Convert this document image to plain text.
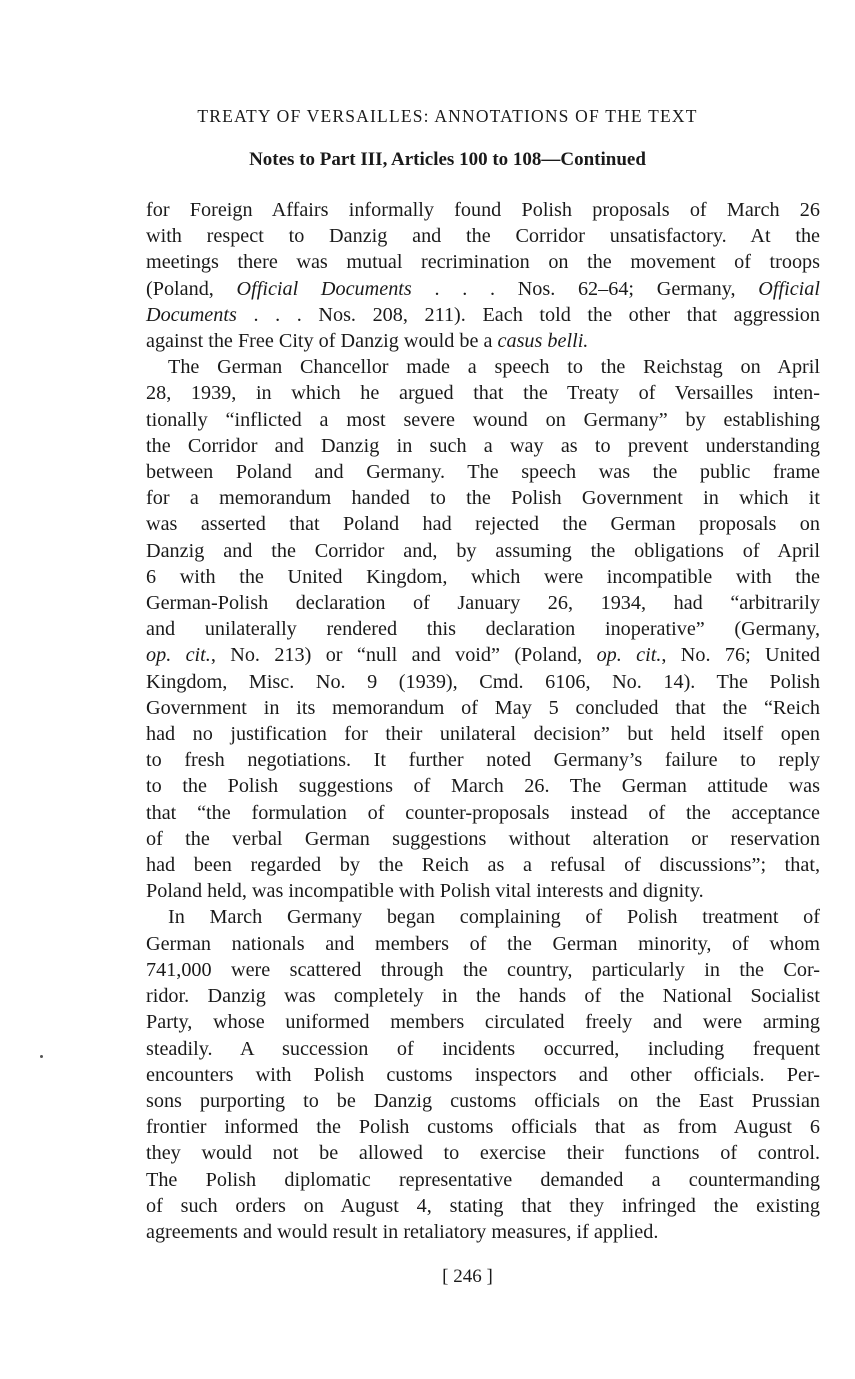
TREATY OF VERSAILLES: ANNOTATIONS OF THE TEXT
Notes to Part III, Articles 100 to 108—Continued

for Foreign Affairs informally found Polish proposals of March 26
with respect to Danzig and the Corridor unsatisfactory. At the
meetings there was mutual recrimination on the movement of troops
(Poland, Official Documents . . . Nos. 62–64; Germany, Official
Documents . . . Nos. 208, 211). Each told the other that aggression
against the Free City of Danzig would be a casus belli.

The German Chancellor made a speech to the Reichstag on April
28, 1939, in which he argued that the Treaty of Versailles inten-
tionally “inflicted a most severe wound on Germany” by establishing
the Corridor and Danzig in such a way as to prevent understanding
between Poland and Germany. The speech was the public frame
for a memorandum handed to the Polish Government in which it
was asserted that Poland had rejected the German proposals on
Danzig and the Corridor and, by assuming the obligations of April
6 with the United Kingdom, which were incompatible with the
German-Polish declaration of January 26, 1934, had “arbitrarily
and unilaterally rendered this declaration inoperative” (Germany,
op. cit., No. 213) or “null and void” (Poland, op. cit., No. 76; United
Kingdom, Misc. No. 9 (1939), Cmd. 6106, No. 14). The Polish
Government in its memorandum of May 5 concluded that the “Reich
had no justification for their unilateral decision” but held itself open
to fresh negotiations. It further noted Germany’s failure to reply
to the Polish suggestions of March 26. The German attitude was
that “the formulation of counter-proposals instead of the acceptance
of the verbal German suggestions without alteration or reservation
had been regarded by the Reich as a refusal of discussions”; that,
Poland held, was incompatible with Polish vital interests and dignity.

In March Germany began complaining of Polish treatment of
German nationals and members of the German minority, of whom
741,000 were scattered through the country, particularly in the Cor-
ridor. Danzig was completely in the hands of the National Socialist
Party, whose uniformed members circulated freely and were arming
steadily. A succession of incidents occurred, including frequent
encounters with Polish customs inspectors and other officials. Per-
sons purporting to be Danzig customs officials on the East Prussian
frontier informed the Polish customs officials that as from August 6
they would not be allowed to exercise their functions of control.
The Polish diplomatic representative demanded a countermanding
of such orders on August 4, stating that they infringed the existing
agreements and would result in retaliatory measures, if applied.

[ 246 ]
